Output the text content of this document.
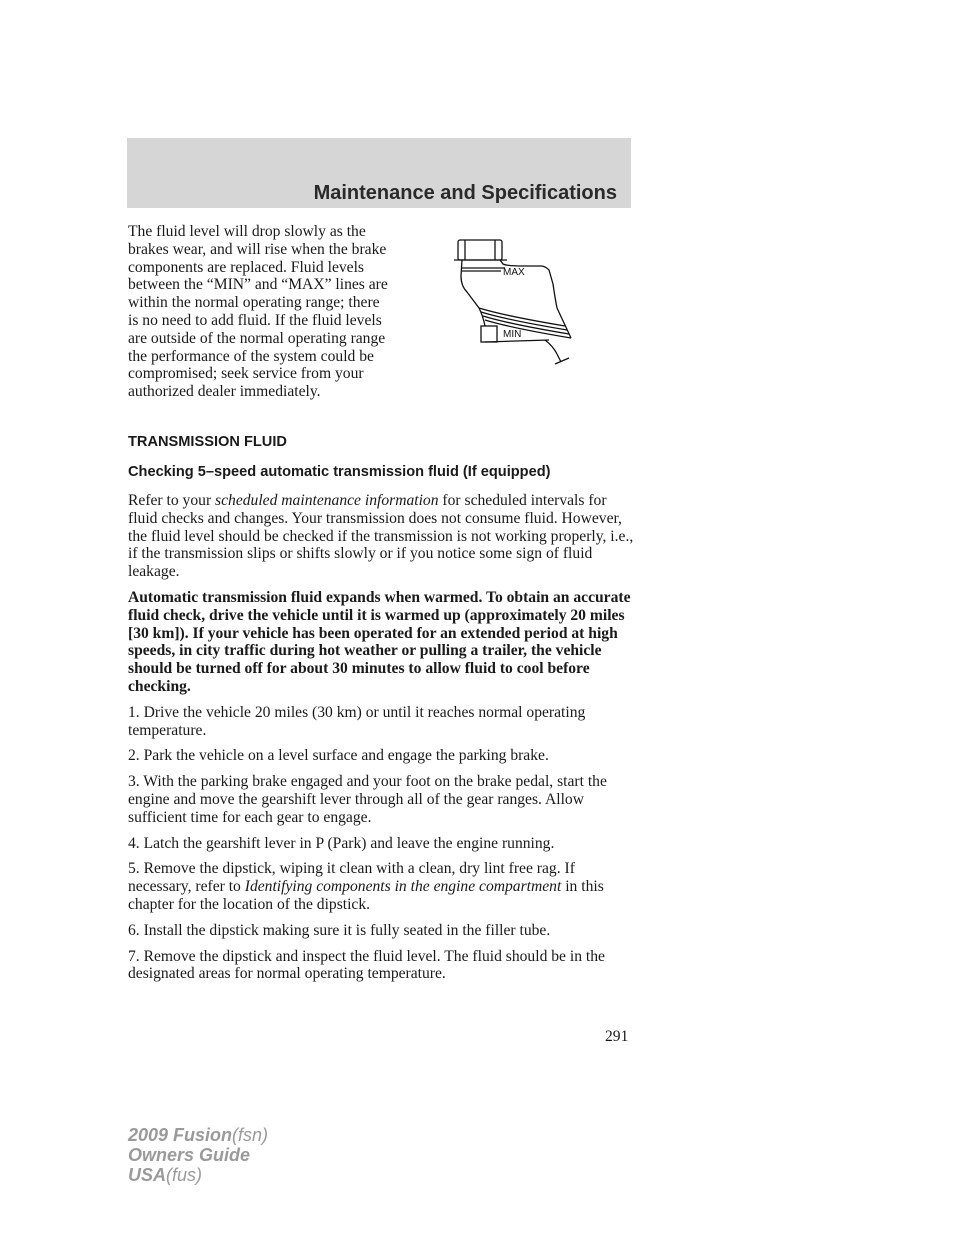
Maintenance and Specifications

The fluid level will drop slowly as the brakes wear, and will rise when the brake components are replaced. Fluid levels between the “MIN” and “MAX” lines are within the normal operating range; there is no need to add fluid. If the fluid levels are outside of the normal operating range the performance of the system could be compromised; seek service from your authorized dealer immediately.

MAX
MIN
TRANSMISSION FLUID
Checking 5–speed automatic transmission fluid (If equipped)

Refer to your scheduled maintenance information for scheduled intervals for fluid checks and changes. Your transmission does not consume fluid. However, the fluid level should be checked if the transmission is not working properly, i.e., if the transmission slips or shifts slowly or if you notice some sign of fluid leakage.

Automatic transmission fluid expands when warmed. To obtain an accurate fluid check, drive the vehicle until it is warmed up (approximately 20 miles [30 km]). If your vehicle has been operated for an extended period at high speeds, in city traffic during hot weather or pulling a trailer, the vehicle should be turned off for about 30 minutes to allow fluid to cool before checking.

1. Drive the vehicle 20 miles (30 km) or until it reaches normal operating temperature.

2. Park the vehicle on a level surface and engage the parking brake.

3. With the parking brake engaged and your foot on the brake pedal, start the engine and move the gearshift lever through all of the gear ranges. Allow sufficient time for each gear to engage.

4. Latch the gearshift lever in P (Park) and leave the engine running.

5. Remove the dipstick, wiping it clean with a clean, dry lint free rag. If necessary, refer to Identifying components in the engine compartment in this chapter for the location of the dipstick.

6. Install the dipstick making sure it is fully seated in the filler tube.

7. Remove the dipstick and inspect the fluid level. The fluid should be in the designated areas for normal operating temperature.

291
2009 Fusion(fsn)
Owners Guide
USA(fus)
